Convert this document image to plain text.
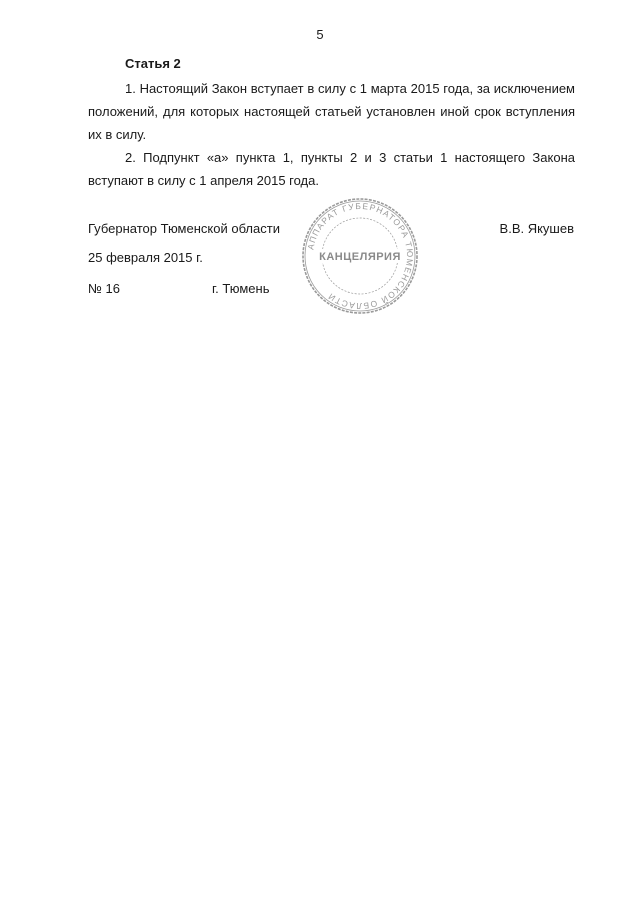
5
Статья 2
1. Настоящий Закон вступает в силу с 1 марта 2015 года, за исключением положений, для которых настоящей статьей установлен иной срок вступления их в силу.
2. Подпункт «а» пункта 1, пункты 2 и 3 статьи 1 настоящего Закона вступают в силу с 1 апреля 2015 года.
Губернатор Тюменской области	В.В. Якушев
25 февраля 2015 г.
№ 16	г. Тюмень
АППАРАТ ГУБЕРНАТОРА ТЮМЕНСКОЙ ОБЛАСТИ
КАНЦЕЛЯРИЯ
